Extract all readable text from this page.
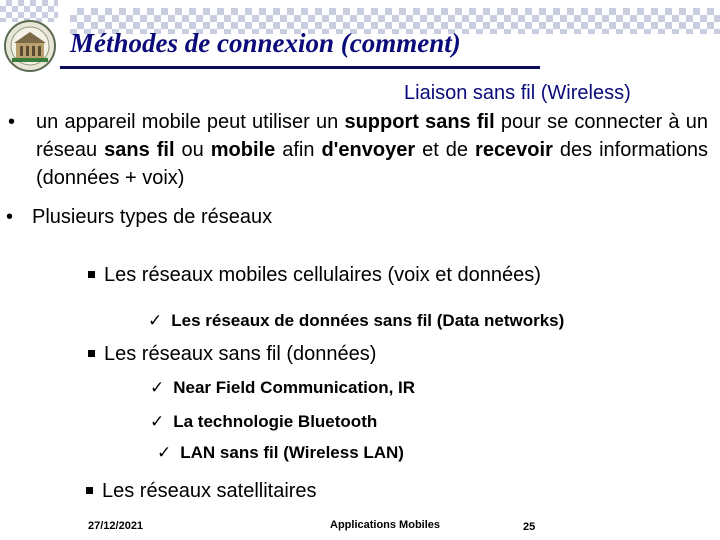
Méthodes de connexion (comment)
Liaison sans fil (Wireless)
• un appareil mobile peut utiliser un support sans fil pour se connecter à un réseau sans fil ou mobile afin d'envoyer et de recevoir des informations (données + voix)
• Plusieurs types de réseaux
Les réseaux mobiles cellulaires (voix et données)
✓ Les réseaux de données sans fil (Data networks)
Les réseaux sans fil (données)
✓ Near Field Communication, IR
✓ La technologie Bluetooth
✓ LAN sans fil (Wireless LAN)
Les réseaux satellitaires
27/12/2021	Applications Mobiles	25
